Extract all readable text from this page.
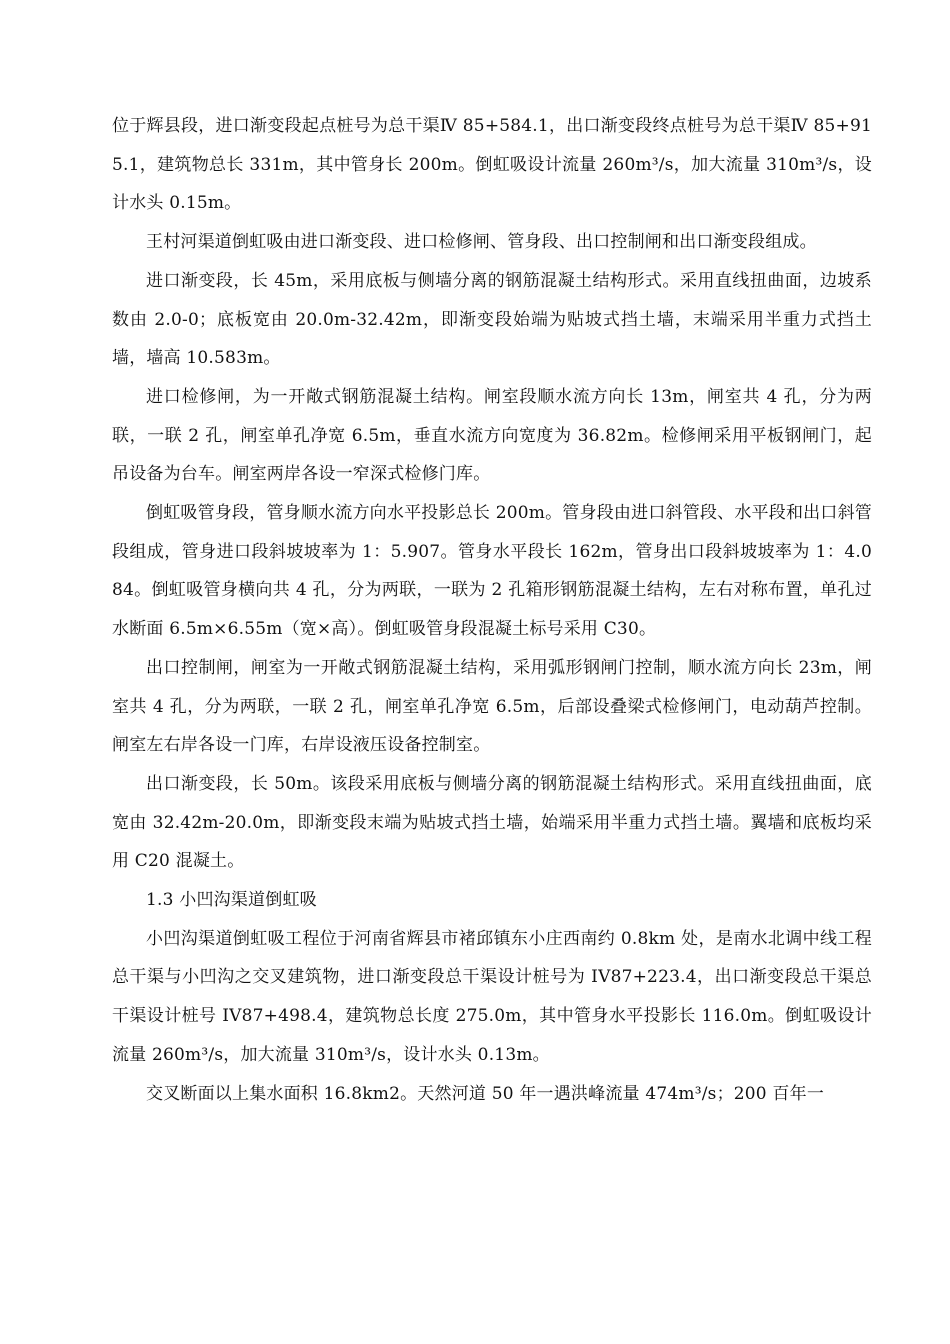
位于辉县段，进口渐变段起点桩号为总干渠Ⅳ 85+584.1，出口渐变段终点桩号为总干渠Ⅳ 85+915.1，建筑物总长 331m，其中管身长 200m。倒虹吸设计流量 260m³/s，加大流量 310m³/s，设计水头 0.15m。

王村河渠道倒虹吸由进口渐变段、进口检修闸、管身段、出口控制闸和出口渐变段组成。

进口渐变段，长 45m，采用底板与侧墙分离的钢筋混凝土结构形式。采用直线扭曲面，边坡系数由 2.0-0；底板宽由 20.0m-32.42m，即渐变段始端为贴坡式挡土墙，末端采用半重力式挡土墙，墙高 10.583m。

进口检修闸，为一开敞式钢筋混凝土结构。闸室段顺水流方向长 13m，闸室共 4 孔，分为两联，一联 2 孔，闸室单孔净宽 6.5m，垂直水流方向宽度为 36.82m。检修闸采用平板钢闸门，起吊设备为台车。闸室两岸各设一窄深式检修门库。

倒虹吸管身段，管身顺水流方向水平投影总长 200m。管身段由进口斜管段、水平段和出口斜管段组成，管身进口段斜坡坡率为 1：5.907。管身水平段长 162m，管身出口段斜坡坡率为 1：4.084。倒虹吸管身横向共 4 孔，分为两联，一联为 2 孔箱形钢筋混凝土结构，左右对称布置，单孔过水断面 6.5m×6.55m（宽×高）。倒虹吸管身段混凝土标号采用 C30。

出口控制闸，闸室为一开敞式钢筋混凝土结构，采用弧形钢闸门控制，顺水流方向长 23m，闸室共 4 孔，分为两联，一联 2 孔，闸室单孔净宽 6.5m，后部设叠梁式检修闸门，电动葫芦控制。闸室左右岸各设一门库，右岸设液压设备控制室。

出口渐变段，长 50m。该段采用底板与侧墙分离的钢筋混凝土结构形式。采用直线扭曲面，底宽由 32.42m-20.0m，即渐变段末端为贴坡式挡土墙，始端采用半重力式挡土墙。翼墙和底板均采用 C20 混凝土。

1.3 小凹沟渠道倒虹吸

小凹沟渠道倒虹吸工程位于河南省辉县市褚邱镇东小庄西南约 0.8km 处，是南水北调中线工程总干渠与小凹沟之交叉建筑物，进口渐变段总干渠设计桩号为 IV87+223.4，出口渐变段总干渠总干渠设计桩号 IV87+498.4，建筑物总长度 275.0m，其中管身水平投影长 116.0m。倒虹吸设计流量 260m³/s，加大流量 310m³/s，设计水头 0.13m。

交叉断面以上集水面积 16.8km2。天然河道 50 年一遇洪峰流量 474m³/s；200 百年一
